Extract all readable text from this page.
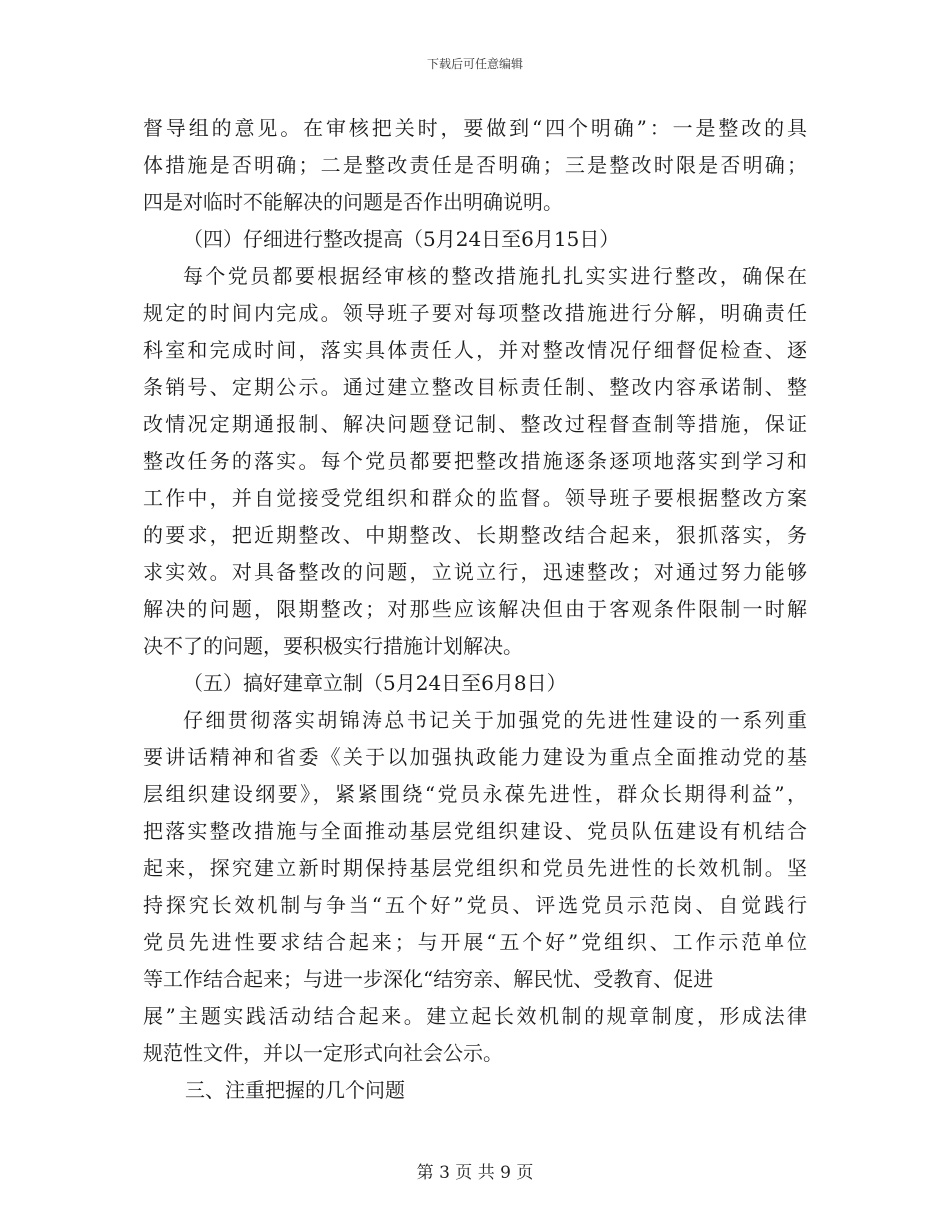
下载后可任意编辑
督导组的意见。在审核把关时，要做到“四个明确”：一是整改的具
体措施是否明确；二是整改责任是否明确；三是整改时限是否明确；
四是对临时不能解决的问题是否作出明确说明。
（四）仔细进行整改提高（5月24日至6月15日）
每个党员都要根据经审核的整改措施扎扎实实进行整改，确保在
规定的时间内完成。领导班子要对每项整改措施进行分解，明确责任
科室和完成时间，落实具体责任人，并对整改情况仔细督促检查、逐
条销号、定期公示。通过建立整改目标责任制、整改内容承诺制、整
改情况定期通报制、解决问题登记制、整改过程督查制等措施，保证
整改任务的落实。每个党员都要把整改措施逐条逐项地落实到学习和
工作中，并自觉接受党组织和群众的监督。领导班子要根据整改方案
的要求，把近期整改、中期整改、长期整改结合起来，狠抓落实，务
求实效。对具备整改的问题，立说立行，迅速整改；对通过努力能够
解决的问题，限期整改；对那些应该解决但由于客观条件限制一时解
决不了的问题，要积极实行措施计划解决。
（五）搞好建章立制（5月24日至6月8日）
仔细贯彻落实胡锦涛总书记关于加强党的先进性建设的一系列重
要讲话精神和省委《关于以加强执政能力建设为重点全面推动党的基
层组织建设纲要》，紧紧围绕“党员永葆先进性，群众长期得利益”，
把落实整改措施与全面推动基层党组织建设、党员队伍建设有机结合
起来，探究建立新时期保持基层党组织和党员先进性的长效机制。坚
持探究长效机制与争当“五个好”党员、评选党员示范岗、自觉践行
党员先进性要求结合起来；与开展“五个好”党组织、工作示范单位
等工作结合起来；与进一步深化“结穷亲、解民忧、受教育、促进
展”主题实践活动结合起来。建立起长效机制的规章制度，形成法律
规范性文件，并以一定形式向社会公示。
三、注重把握的几个问题
第 3 页 共 9 页
